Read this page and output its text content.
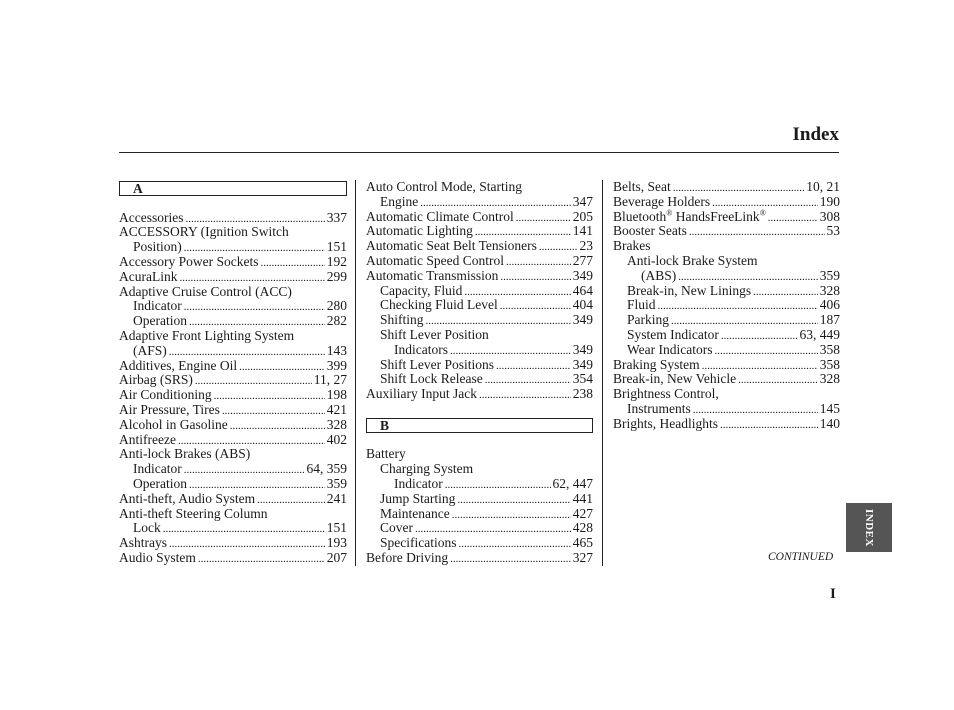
Index
A
Accessories .....	337
ACCESSORY (Ignition Switch
Position) .....	151
Accessory Power Sockets .....	192
AcuraLink .....	299
Adaptive Cruise Control (ACC)
Indicator .....	280
Operation .....	282
Adaptive Front Lighting System
(AFS) .....	143
Additives, Engine Oil .....	399
Airbag (SRS) .....	11, 27
Air Conditioning .....	198
Air Pressure, Tires .....	421
Alcohol in Gasoline .....	328
Antifreeze .....	402
Anti-lock Brakes (ABS)
Indicator .....	64, 359
Operation .....	359
Anti-theft, Audio System .....	241
Anti-theft Steering Column
Lock .....	151
Ashtrays .....	193
Audio System .....	207
Auto Control Mode, Starting
Engine .....	347
Automatic Climate Control .....	205
Automatic Lighting .....	141
Automatic Seat Belt Tensioners .....	23
Automatic Speed Control .....	277
Automatic Transmission .....	349
Capacity, Fluid .....	464
Checking Fluid Level .....	404
Shifting .....	349
Shift Lever Position
Indicators .....	349
Shift Lever Positions .....	349
Shift Lock Release .....	354
Auxiliary Input Jack .....	238
B
Battery
Charging System
Indicator .....	62, 447
Jump Starting .....	441
Maintenance .....	427
Cover .....	428
Specifications .....	465
Before Driving .....	327
Belts, Seat .....	10, 21
Beverage Holders .....	190
Bluetooth® HandsFreeLink® .....	308
Booster Seats .....	53
Brakes
Anti-lock Brake System
(ABS) .....	359
Break-in, New Linings .....	328
Fluid .....	406
Parking .....	187
System Indicator .....	63, 449
Wear Indicators .....	358
Braking System .....	358
Break-in, New Vehicle .....	328
Brightness Control,
Instruments .....	145
Brights, Headlights .....	140
CONTINUED
I
INDEX
